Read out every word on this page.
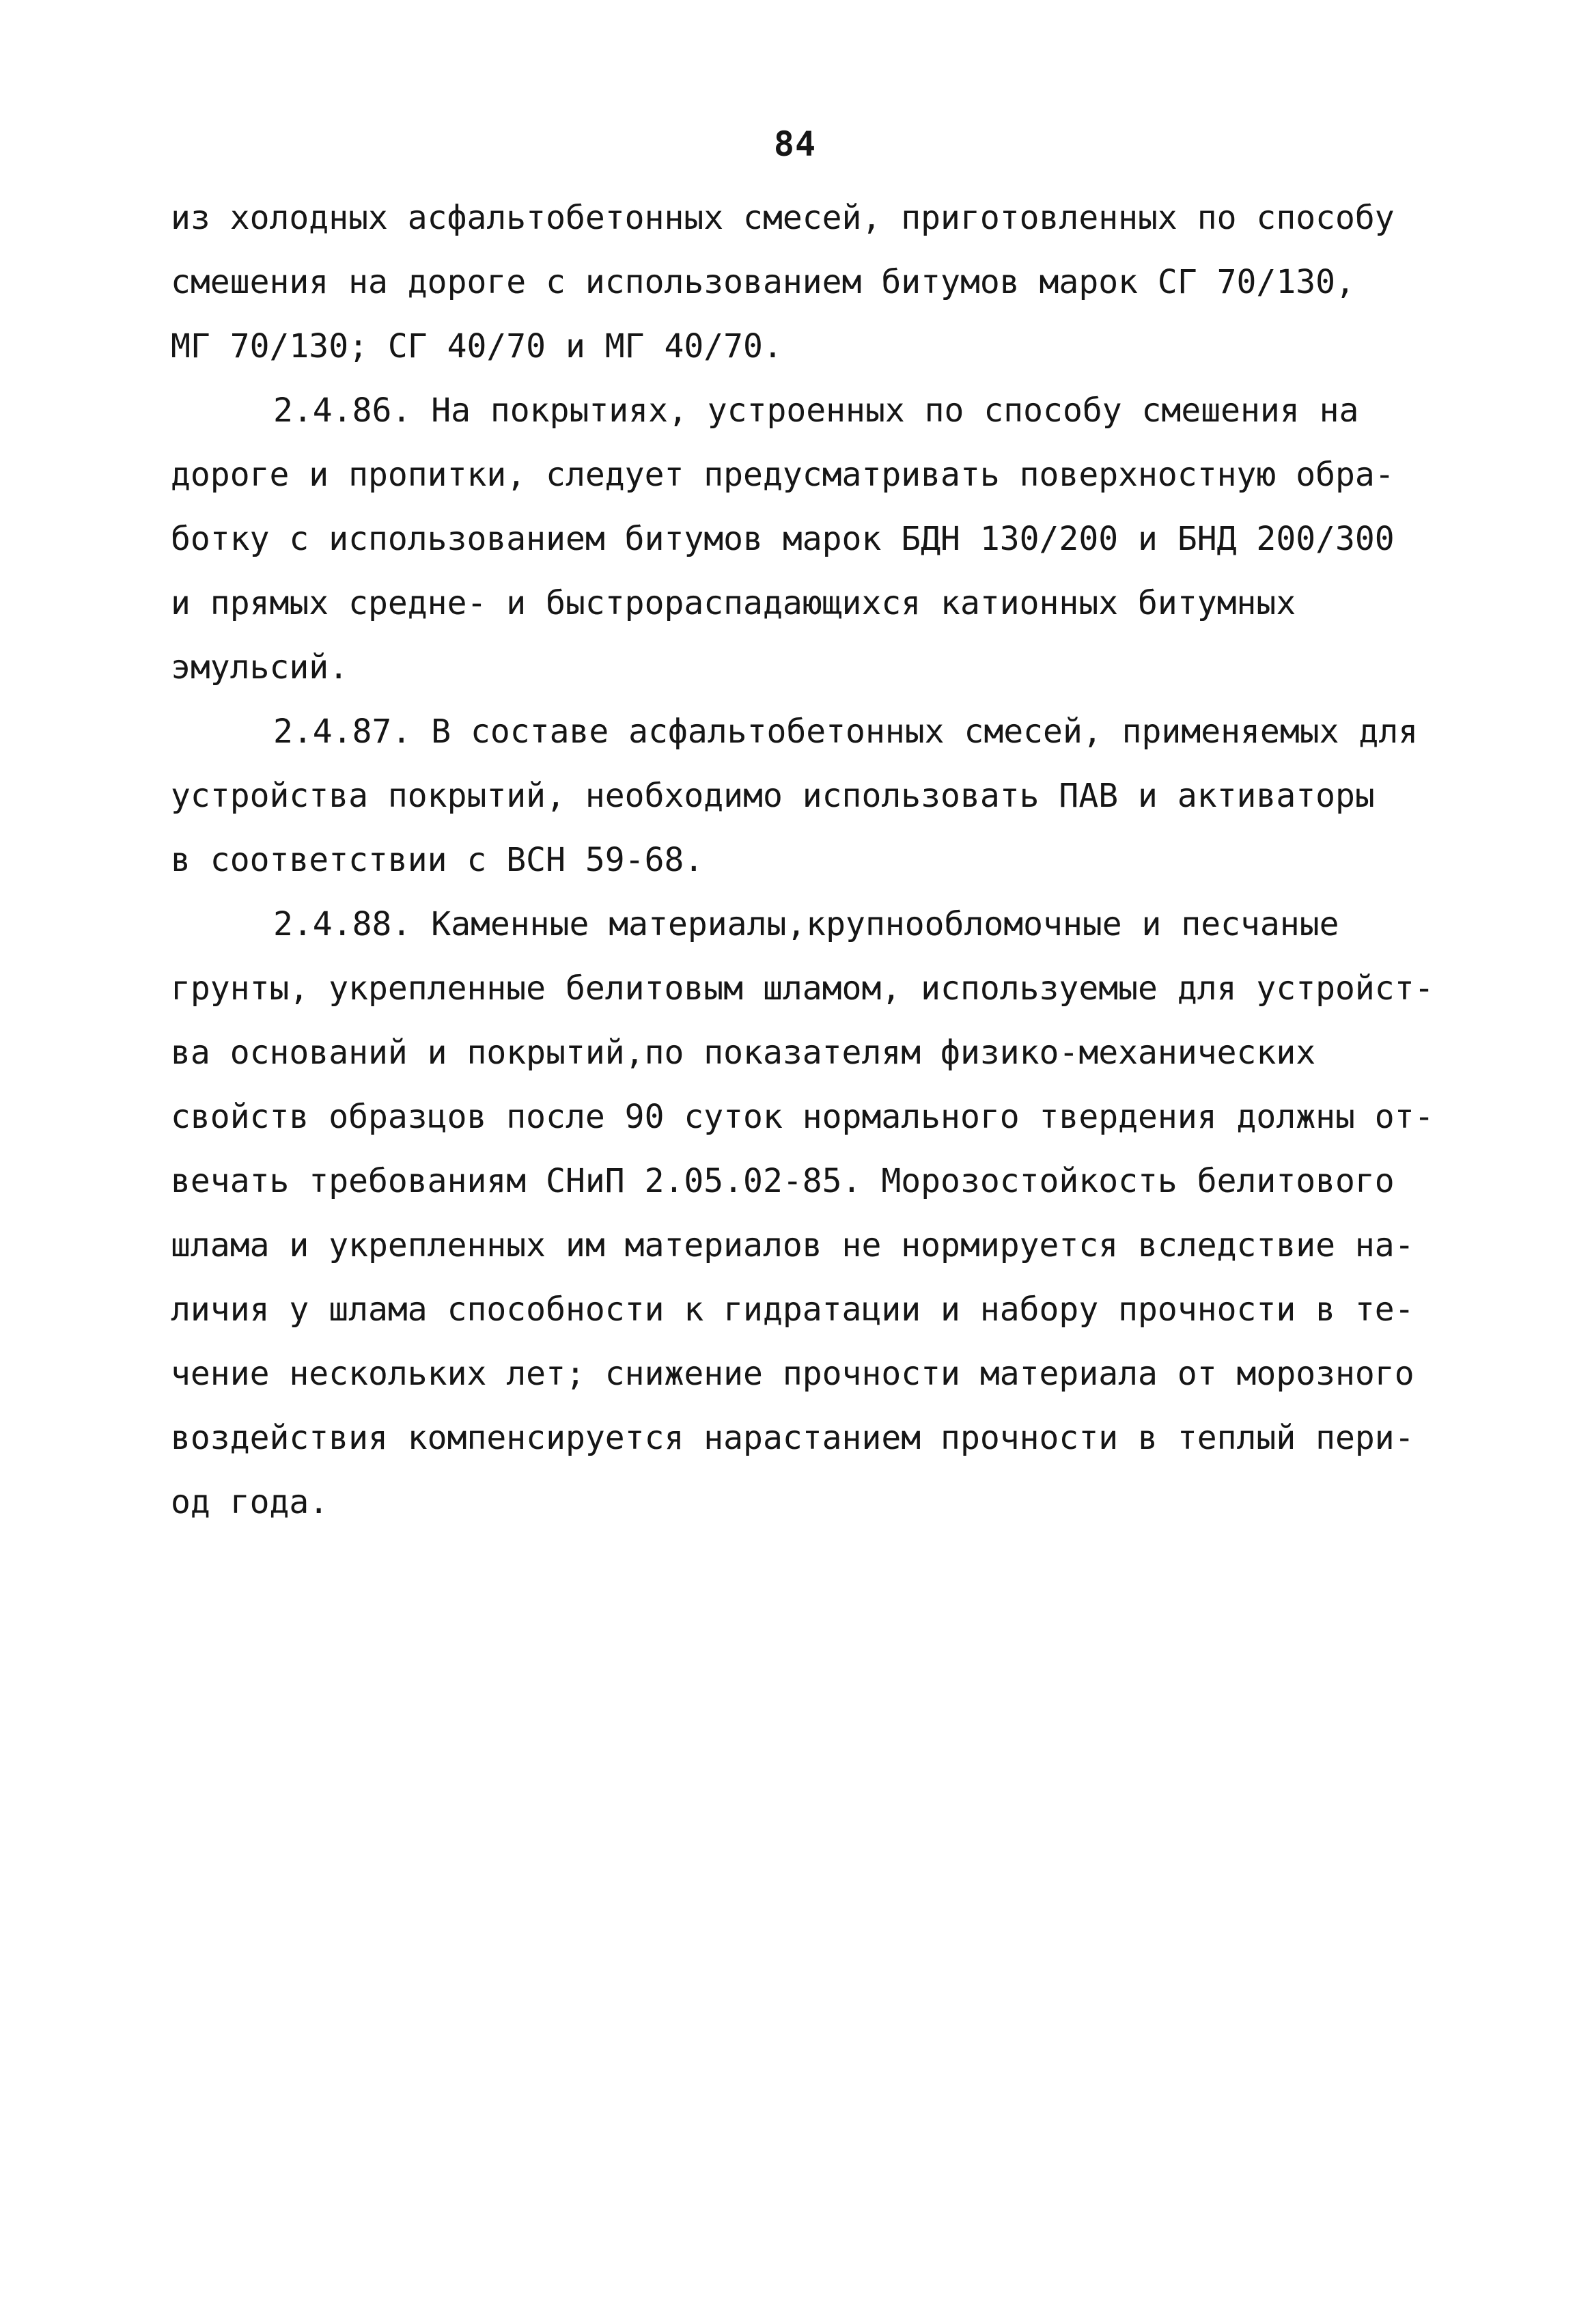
84
из холодных асфальтобетонных смесей, приготовленных по способу
смешения на дороге с использованием битумов марок СГ 70/130,
МГ 70/130; СГ 40/70 и МГ 40/70.
2.4.86. На покрытиях, устроенных по способу смешения на
дороге и пропитки, следует предусматривать поверхностную обра-
ботку с использованием битумов марок БДН 130/200 и БНД 200/300
и прямых средне- и быстрораспадающихся катионных битумных
эмульсий.
2.4.87. В составе асфальтобетонных смесей, применяемых для
устройства покрытий, необходимо использовать ПАВ и активаторы
в соответствии с ВСН 59-68.
2.4.88. Каменные материалы,крупнообломочные и песчаные
грунты, укрепленные белитовым шламом, используемые для устройст-
ва оснований и покрытий,по показателям физико-механических
свойств образцов после 90 суток нормального твердения должны от-
вечать требованиям СНиП 2.05.02-85. Морозостойкость белитового
шлама и укрепленных им материалов не нормируется вследствие на-
личия у шлама способности к гидратации и набору прочности в те-
чение нескольких лет; снижение прочности материала от морозного
воздействия компенсируется нарастанием прочности в теплый пери-
од года.
